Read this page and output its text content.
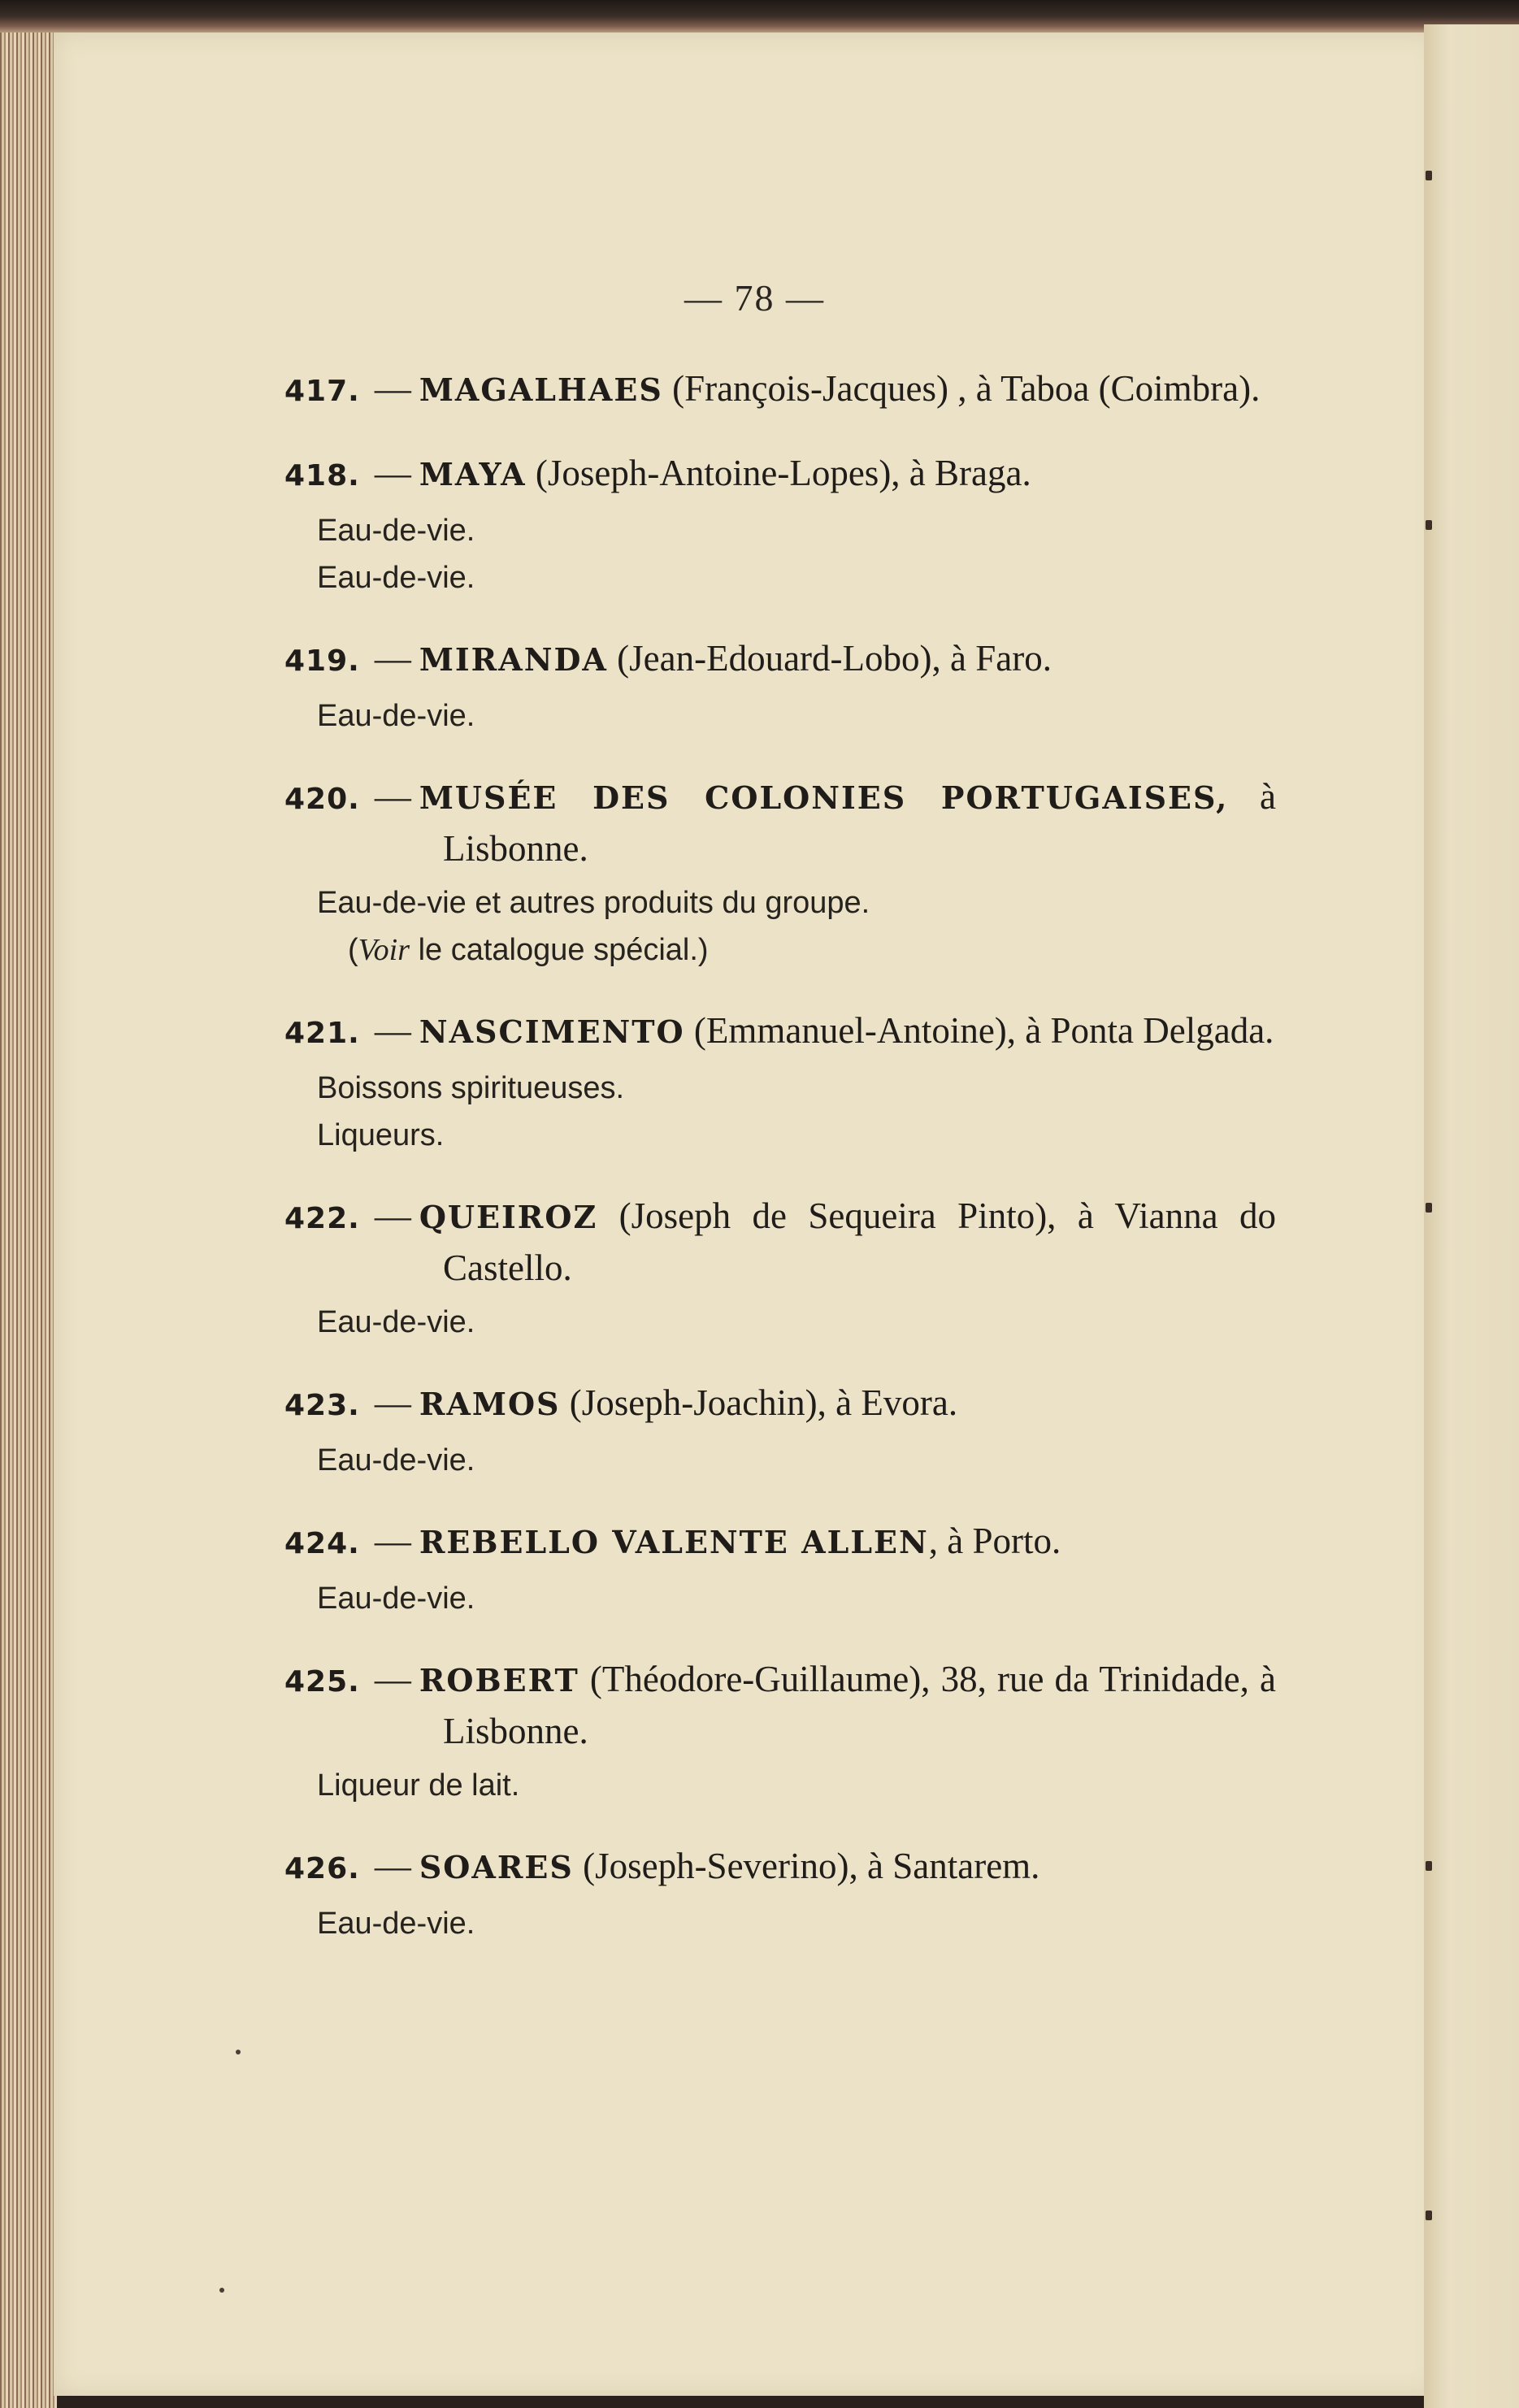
— 78 —
417. — MAGALHAES (François-Jacques) , à Taboa (Coimbra).
418. — MAYA (Joseph-Antoine-Lopes), à Braga.
Eau-de-vie.
Eau-de-vie.
419. — MIRANDA (Jean-Edouard-Lobo), à Faro.
Eau-de-vie.
420. — MUSÉE DES COLONIES PORTUGAISES, à Lisbonne.
Eau-de-vie et autres produits du groupe.
(Voir le catalogue spécial.)
421. — NASCIMENTO (Emmanuel-Antoine), à Ponta Delgada.
Boissons spiritueuses.
Liqueurs.
422. — QUEIROZ (Joseph de Sequeira Pinto), à Vianna do Castello.
Eau-de-vie.
423. — RAMOS (Joseph-Joachin), à Evora.
Eau-de-vie.
424. — REBELLO VALENTE ALLEN, à Porto.
Eau-de-vie.
425. — ROBERT (Théodore-Guillaume), 38, rue da Trinidade, à Lisbonne.
Liqueur de lait.
426. — SOARES (Joseph-Severino), à Santarem.
Eau-de-vie.
